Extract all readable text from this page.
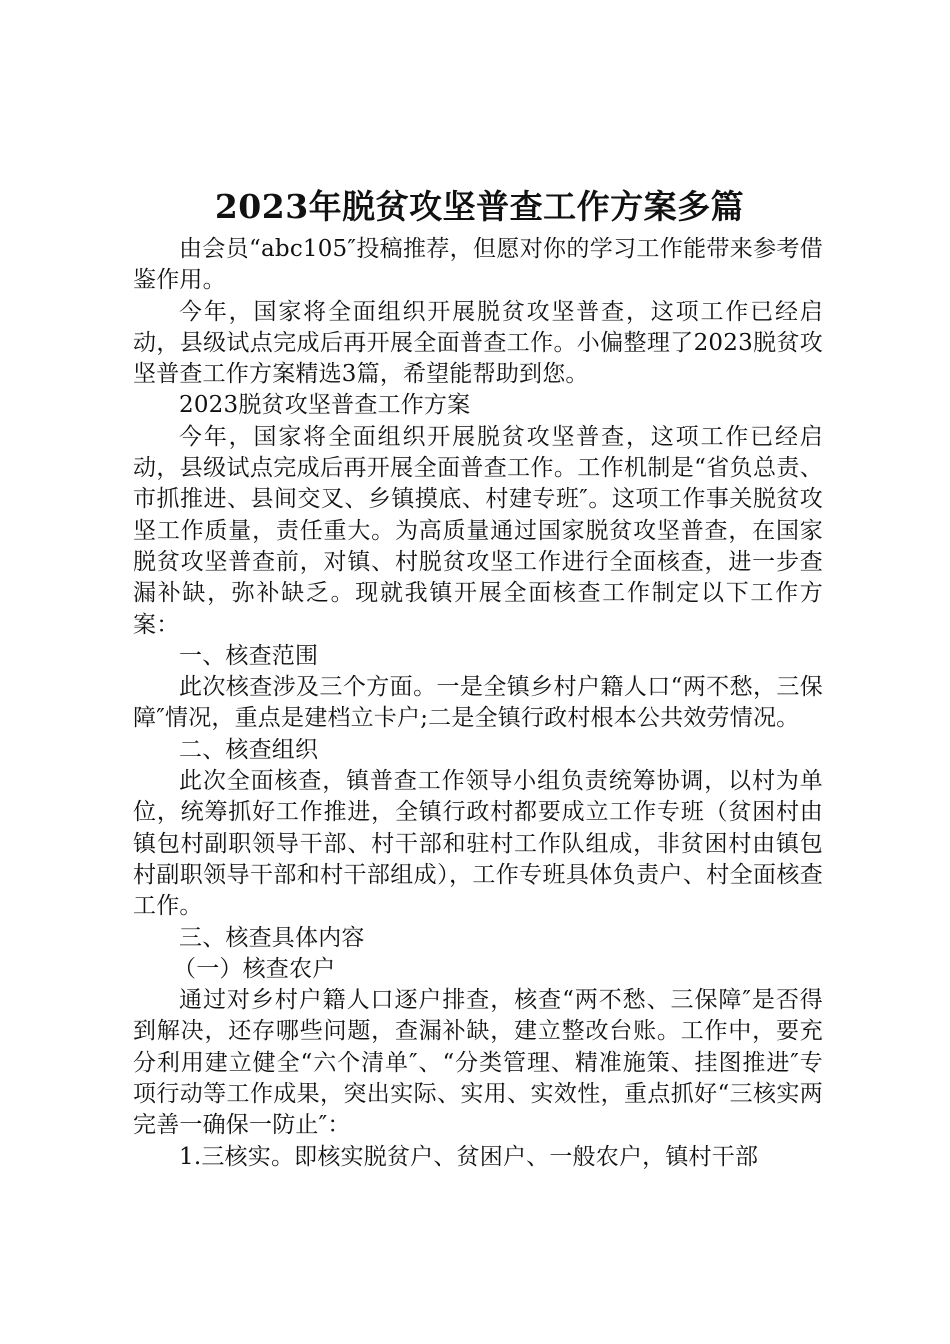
2023年脱贫攻坚普查工作方案多篇

由会员“abc105″投稿推荐，但愿对你的学习工作能带来参考借鉴作用。

今年，国家将全面组织开展脱贫攻坚普查，这项工作已经启动，县级试点完成后再开展全面普查工作。小偏整理了2023脱贫攻坚普查工作方案精选3篇，希望能帮助到您。

2023脱贫攻坚普查工作方案

今年，国家将全面组织开展脱贫攻坚普查，这项工作已经启动，县级试点完成后再开展全面普查工作。工作机制是“省负总责、市抓推进、县间交叉、乡镇摸底、村建专班″。这项工作事关脱贫攻坚工作质量，责任重大。为高质量通过国家脱贫攻坚普查，在国家脱贫攻坚普查前，对镇、村脱贫攻坚工作进行全面核查，进一步查漏补缺，弥补缺乏。现就我镇开展全面核查工作制定以下工作方案：

一、核查范围

此次核查涉及三个方面。一是全镇乡村户籍人口“两不愁，三保障″情况，重点是建档立卡户;二是全镇行政村根本公共效劳情况。

二、核查组织

此次全面核查，镇普查工作领导小组负责统筹协调，以村为单位，统筹抓好工作推进，全镇行政村都要成立工作专班（贫困村由镇包村副职领导干部、村干部和驻村工作队组成，非贫困村由镇包村副职领导干部和村干部组成），工作专班具体负责户、村全面核查工作。

三、核查具体内容

（一）核查农户

通过对乡村户籍人口逐户排查，核查“两不愁、三保障″是否得到解决，还存哪些问题，查漏补缺，建立整改台账。工作中，要充分利用建立健全“六个清单″、“分类管理、精准施策、挂图推进″专项行动等工作成果，突出实际、实用、实效性，重点抓好“三核实两完善一确保一防止″：

1.三核实。即核实脱贫户、贫困户、一般农户，镇村干部
